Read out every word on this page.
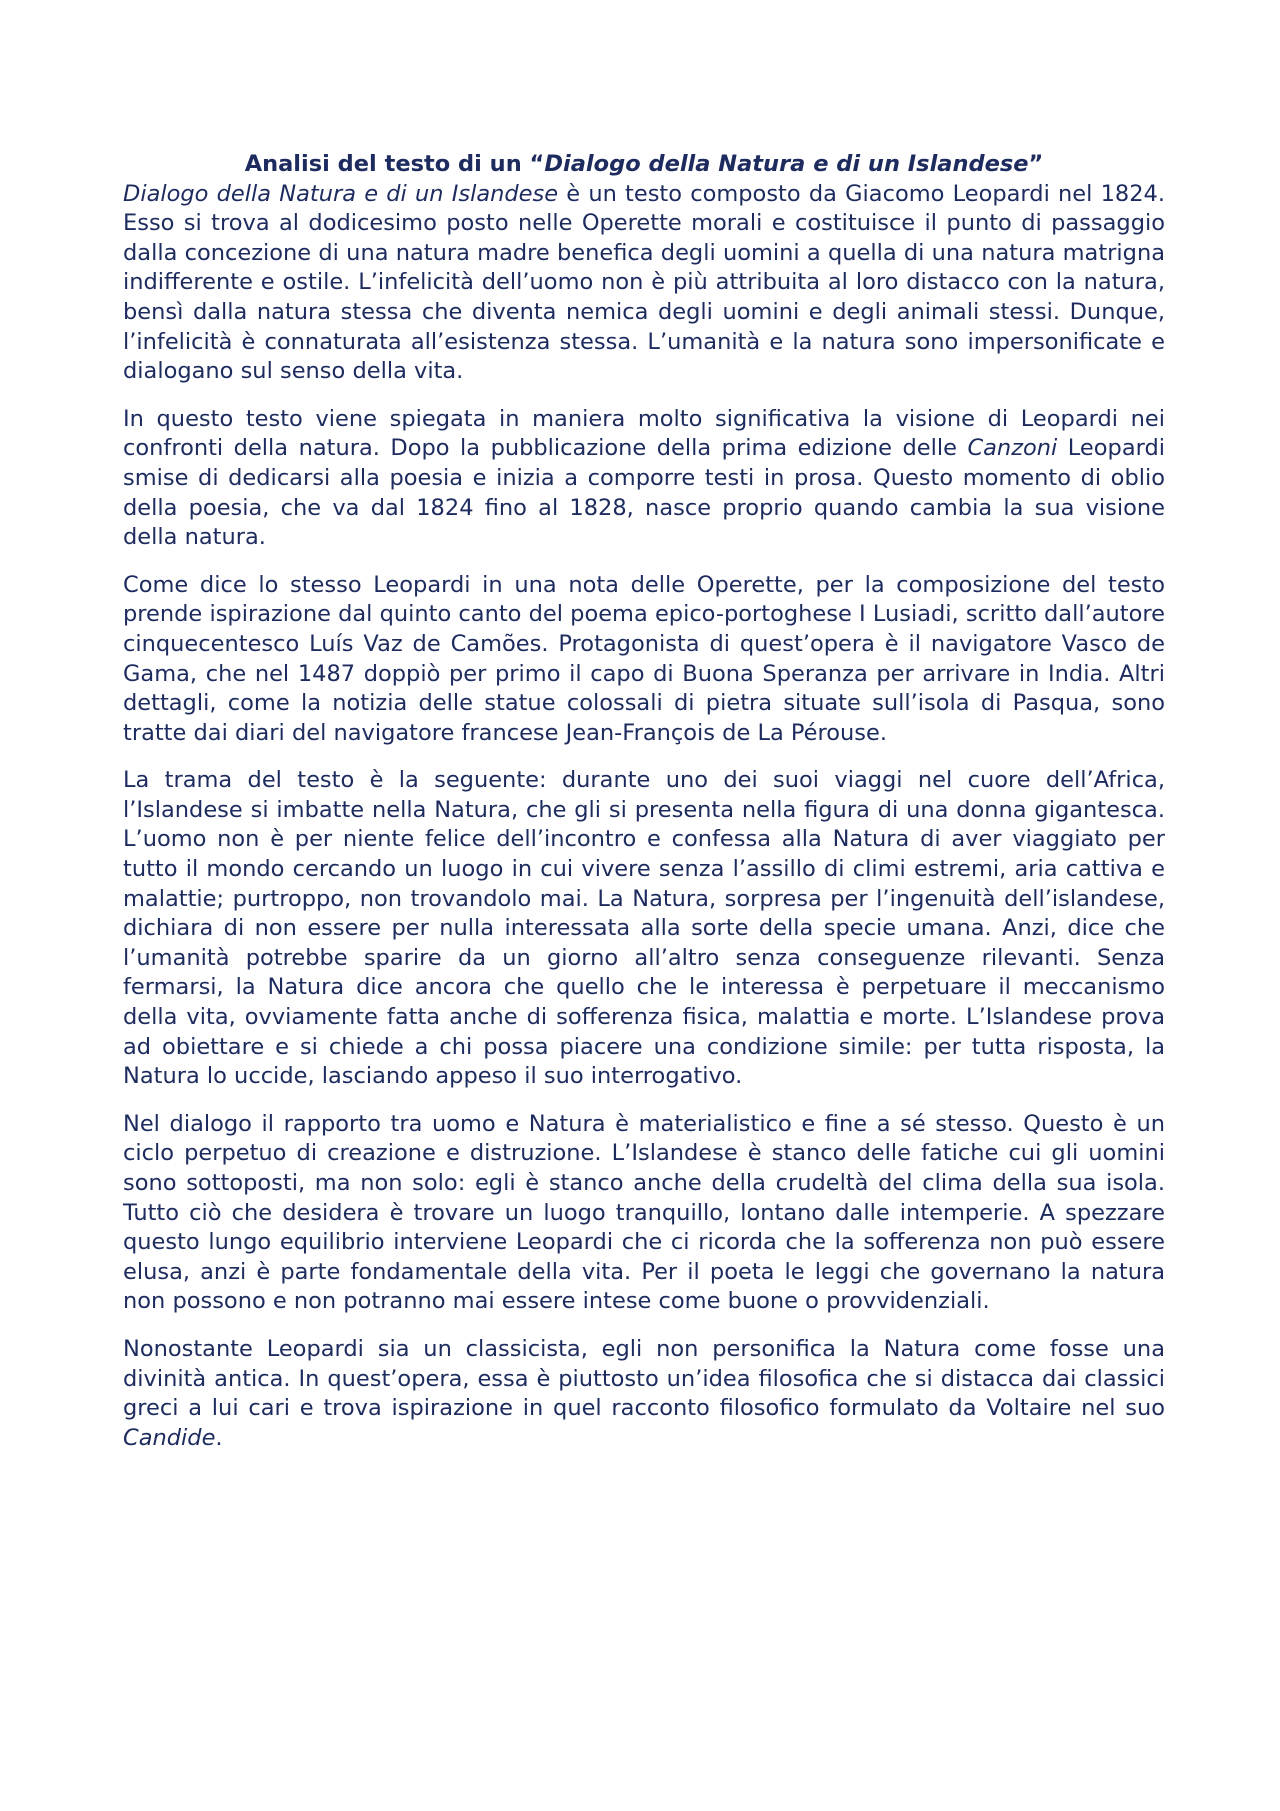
Analisi del testo di un “Dialogo della Natura e di un Islandese”

Dialogo della Natura e di un Islandese è un testo composto da Giacomo Leopardi nel 1824. Esso si trova al dodicesimo posto nelle Operette morali e costituisce il punto di passaggio dalla concezione di una natura madre benefica degli uomini a quella di una natura matrigna indifferente e ostile. L’infelicità dell’uomo non è più attribuita al loro distacco con la natura, bensì dalla natura stessa che diventa nemica degli uomini e degli animali stessi. Dunque, l’infelicità è connaturata all’esistenza stessa. L’umanità e la natura sono impersonificate e dialogano sul senso della vita.

In questo testo viene spiegata in maniera molto significativa la visione di Leopardi nei confronti della natura. Dopo la pubblicazione della prima edizione delle Canzoni Leopardi smise di dedicarsi alla poesia e inizia a comporre testi in prosa. Questo momento di oblio della poesia, che va dal 1824 fino al 1828, nasce proprio quando cambia la sua visione della natura.

Come dice lo stesso Leopardi in una nota delle Operette, per la composizione del testo prende ispirazione dal quinto canto del poema epico-portoghese I Lusiadi, scritto dall’autore cinquecentesco Luís Vaz de Camões. Protagonista di quest’opera è il navigatore Vasco de Gama, che nel 1487 doppiò per primo il capo di Buona Speranza per arrivare in India. Altri dettagli, come la notizia delle statue colossali di pietra situate sull’isola di Pasqua, sono tratte dai diari del navigatore francese Jean-François de La Pérouse.

La trama del testo è la seguente: durante uno dei suoi viaggi nel cuore dell’Africa, l’Islandese si imbatte nella Natura, che gli si presenta nella figura di una donna gigantesca. L’uomo non è per niente felice dell’incontro e confessa alla Natura di aver viaggiato per tutto il mondo cercando un luogo in cui vivere senza l’assillo di climi estremi, aria cattiva e malattie; purtroppo, non trovandolo mai. La Natura, sorpresa per l’ingenuità dell’islandese, dichiara di non essere per nulla interessata alla sorte della specie umana. Anzi, dice che l’umanità potrebbe sparire da un giorno all’altro senza conseguenze rilevanti. Senza fermarsi, la Natura dice ancora che quello che le interessa è perpetuare il meccanismo della vita, ovviamente fatta anche di sofferenza fisica, malattia e morte. L’Islandese prova ad obiettare e si chiede a chi possa piacere una condizione simile: per tutta risposta, la Natura lo uccide, lasciando appeso il suo interrogativo.

Nel dialogo il rapporto tra uomo e Natura è materialistico e fine a sé stesso. Questo è un ciclo perpetuo di creazione e distruzione. L’Islandese è stanco delle fatiche cui gli uomini sono sottoposti, ma non solo: egli è stanco anche della crudeltà del clima della sua isola. Tutto ciò che desidera è trovare un luogo tranquillo, lontano dalle intemperie. A spezzare questo lungo equilibrio interviene Leopardi che ci ricorda che la sofferenza non può essere elusa, anzi è parte fondamentale della vita. Per il poeta le leggi che governano la natura non possono e non potranno mai essere intese come buone o provvidenziali.

Nonostante Leopardi sia un classicista, egli non personifica la Natura come fosse una divinità antica. In quest’opera, essa è piuttosto un’idea filosofica che si distacca dai classici greci a lui cari e trova ispirazione in quel racconto filosofico formulato da Voltaire nel suo Candide.
